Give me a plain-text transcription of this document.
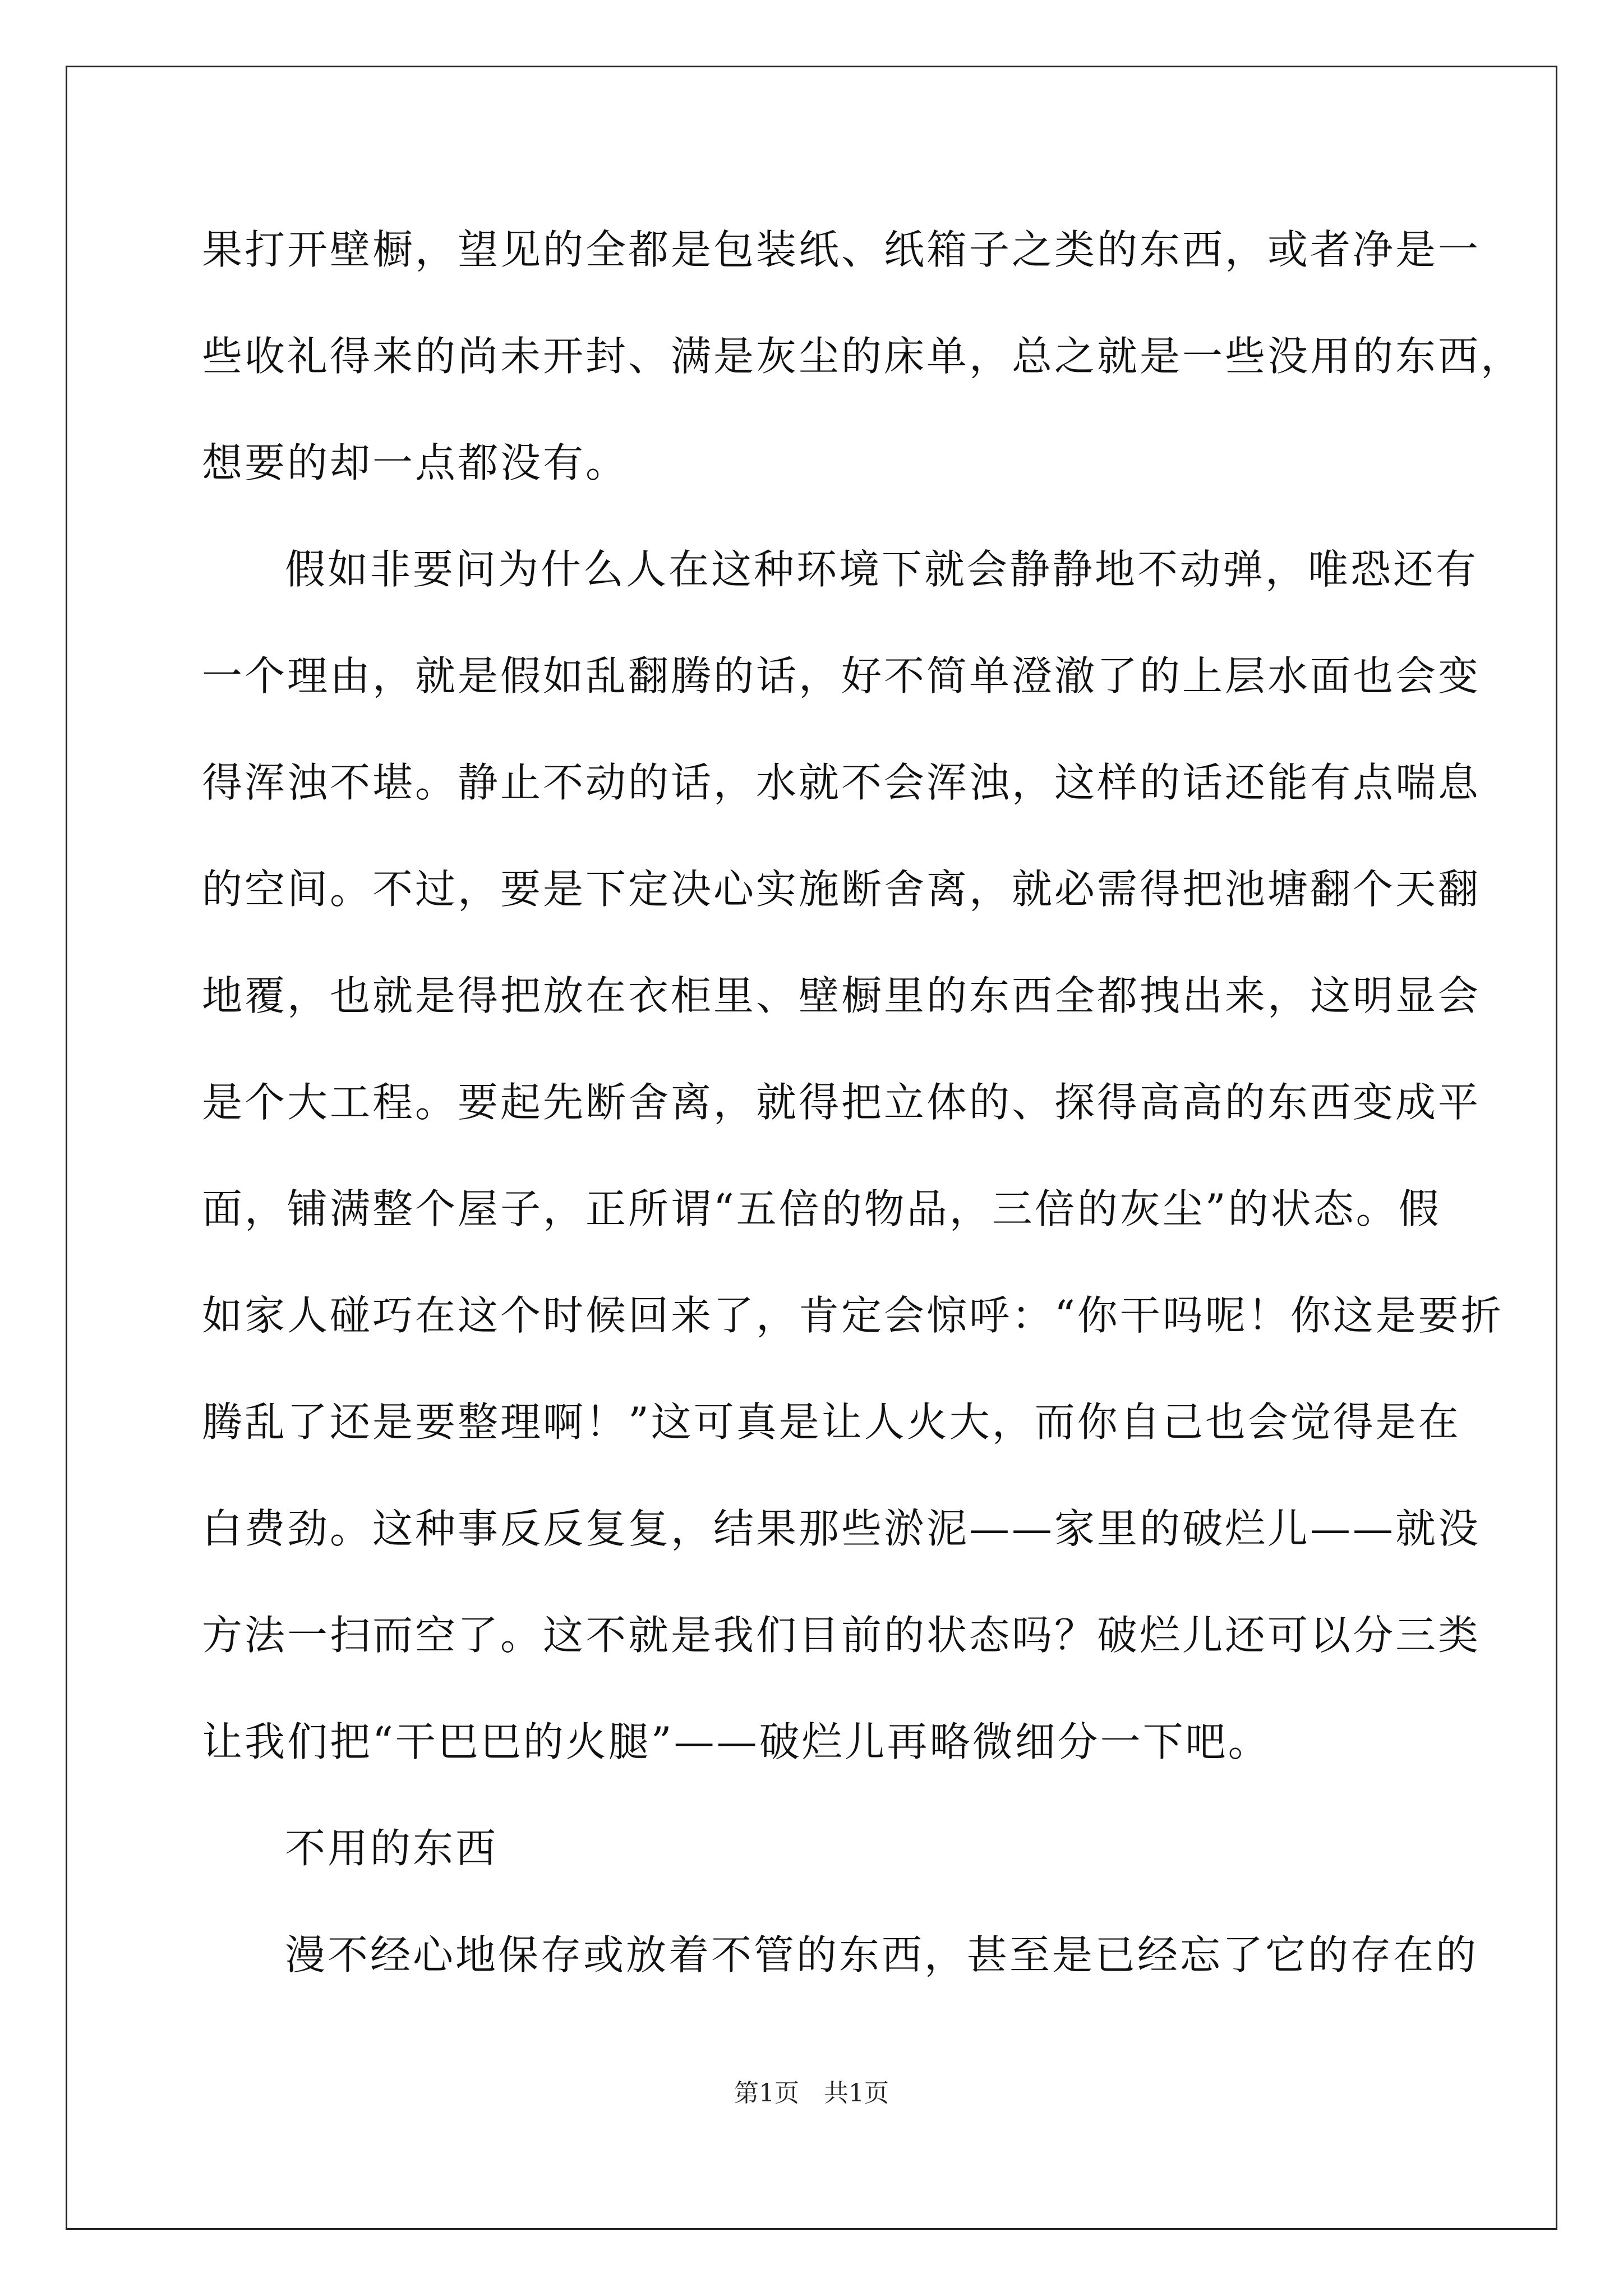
果打开壁橱，望见的全都是包装纸、纸箱子之类的东西，或者净是一
些收礼得来的尚未开封、满是灰尘的床单，总之就是一些没用的东西，
想要的却一点都没有。
假如非要问为什么人在这种环境下就会静静地不动弹，唯恐还有
一个理由，就是假如乱翻腾的话，好不简单澄澈了的上层水面也会变
得浑浊不堪。静止不动的话，水就不会浑浊，这样的话还能有点喘息
的空间。不过，要是下定决心实施断舍离，就必需得把池塘翻个天翻
地覆，也就是得把放在衣柜里、壁橱里的东西全都拽出来，这明显会
是个大工程。要起先断舍离，就得把立体的、探得高高的东西变成平
面，铺满整个屋子，正所谓“五倍的物品，三倍的灰尘”的状态。假
如家人碰巧在这个时候回来了，肯定会惊呼：“你干吗呢！你这是要折
腾乱了还是要整理啊！”这可真是让人火大，而你自己也会觉得是在
白费劲。这种事反反复复，结果那些淤泥——家里的破烂儿——就没
方法一扫而空了。这不就是我们目前的状态吗？破烂儿还可以分三类
让我们把“干巴巴的火腿”——破烂儿再略微细分一下吧。
不用的东西
漫不经心地保存或放着不管的东西，甚至是已经忘了它的存在的
第1页　共1页
